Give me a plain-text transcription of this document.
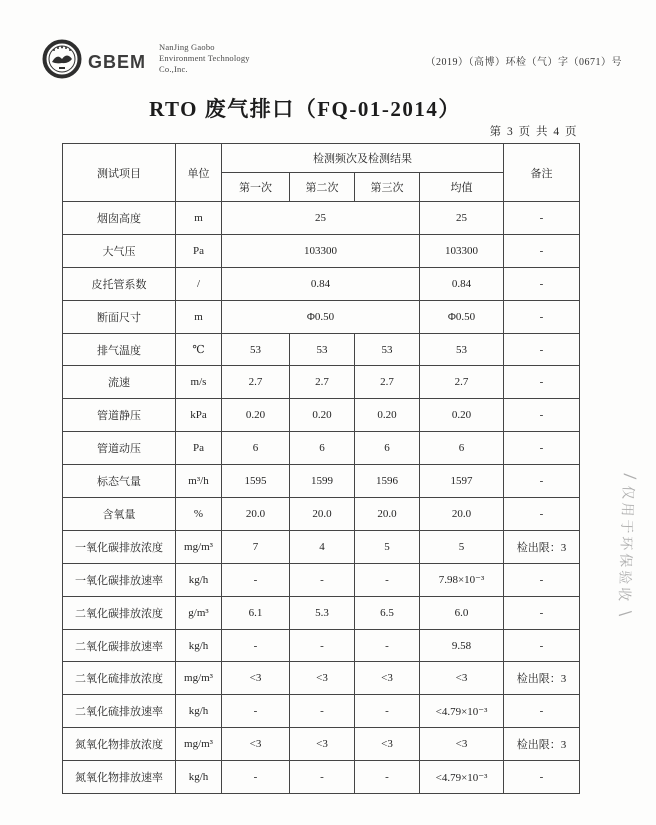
GBEM
NanJing Gaobo
Environment Technology
Co.,Inc.
（2019）（高博）环检（气）字（0671）号
RTO 废气排口（FQ-01-2014）
第 3 页 共 4 页
测试项目	单位	检测频次及检测结果				备注
		第一次	第二次	第三次	均值	
烟囱高度	m	25			25	-
大气压	Pa	103300			103300	-
皮托管系数	/	0.84			0.84	-
断面尺寸	m	Φ0.50			Φ0.50	-
排气温度	℃	53	53	53	53	-
流速	m/s	2.7	2.7	2.7	2.7	-
管道静压	kPa	0.20	0.20	0.20	0.20	-
管道动压	Pa	6	6	6	6	-
标态气量	m³/h	1595	1599	1596	1597	-
含氧量	%	20.0	20.0	20.0	20.0	-
一氧化碳排放浓度	mg/m³	7	4	5	5	检出限：3
一氧化碳排放速率	kg/h	-	-	-	7.98×10⁻³	-
二氧化碳排放浓度	g/m³	6.1	5.3	6.5	6.0	-
二氧化碳排放速率	kg/h	-	-	-	9.58	-
二氧化硫排放浓度	mg/m³	<3	<3	<3	<3	检出限：3
二氧化硫排放速率	kg/h	-	-	-	<4.79×10⁻³	-
氮氧化物排放浓度	mg/m³	<3	<3	<3	<3	检出限：3
氮氧化物排放速率	kg/h	-	-	-	<4.79×10⁻³	-
/ 仅用于环保验收 \
